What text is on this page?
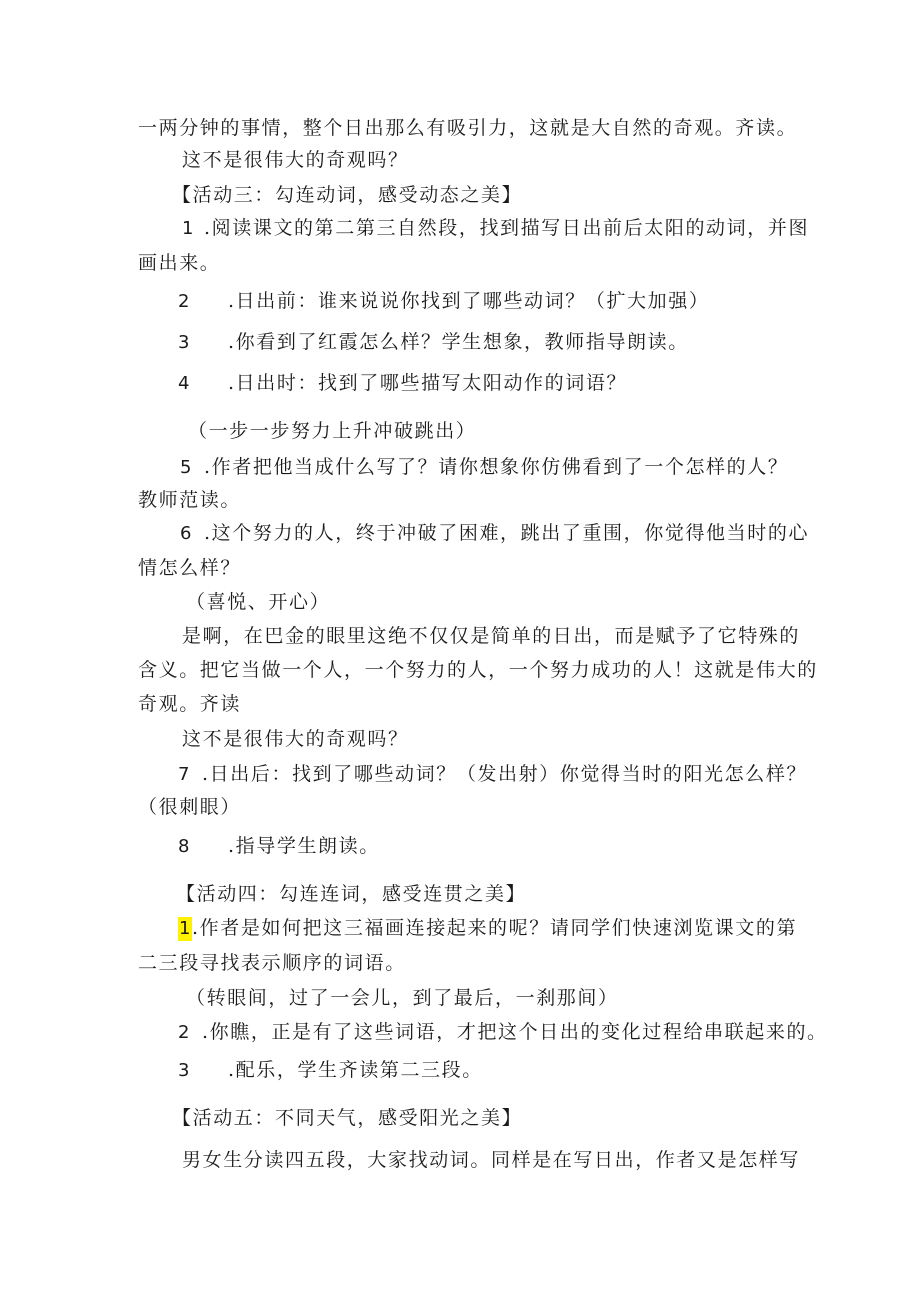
一两分钟的事情，整个日出那么有吸引力，这就是大自然的奇观。齐读。

这不是很伟大的奇观吗？

【活动三：勾连动词，感受动态之美】

1 .阅读课文的第二第三自然段，找到描写日出前后太阳的动词，并图

画出来。

2 .日出前：谁来说说你找到了哪些动词？（扩大加强）

3 .你看到了红霞怎么样？学生想象，教师指导朗读。

4 .日出时：找到了哪些描写太阳动作的词语？

（一步一步努力上升冲破跳出）

5 .作者把他当成什么写了？请你想象你仿佛看到了一个怎样的人？

教师范读。

6 .这个努力的人，终于冲破了困难，跳出了重围，你觉得他当时的心

情怎么样？

（喜悦、开心）

是啊，在巴金的眼里这绝不仅仅是简单的日出，而是赋予了它特殊的

含义。把它当做一个人，一个努力的人，一个努力成功的人！这就是伟大的

奇观。齐读

这不是很伟大的奇观吗？

7 .日出后：找到了哪些动词？（发出射）你觉得当时的阳光怎么样？

（很刺眼）

8 .指导学生朗读。

【活动四：勾连连词，感受连贯之美】

1.作者是如何把这三福画连接起来的呢？请同学们快速浏览课文的第

二三段寻找表示顺序的词语。

（转眼间，过了一会儿，到了最后，一刹那间）

2 .你瞧，正是有了这些词语，才把这个日出的变化过程给串联起来的。

3 .配乐，学生齐读第二三段。

【活动五：不同天气，感受阳光之美】

男女生分读四五段，大家找动词。同样是在写日出，作者又是怎样写
